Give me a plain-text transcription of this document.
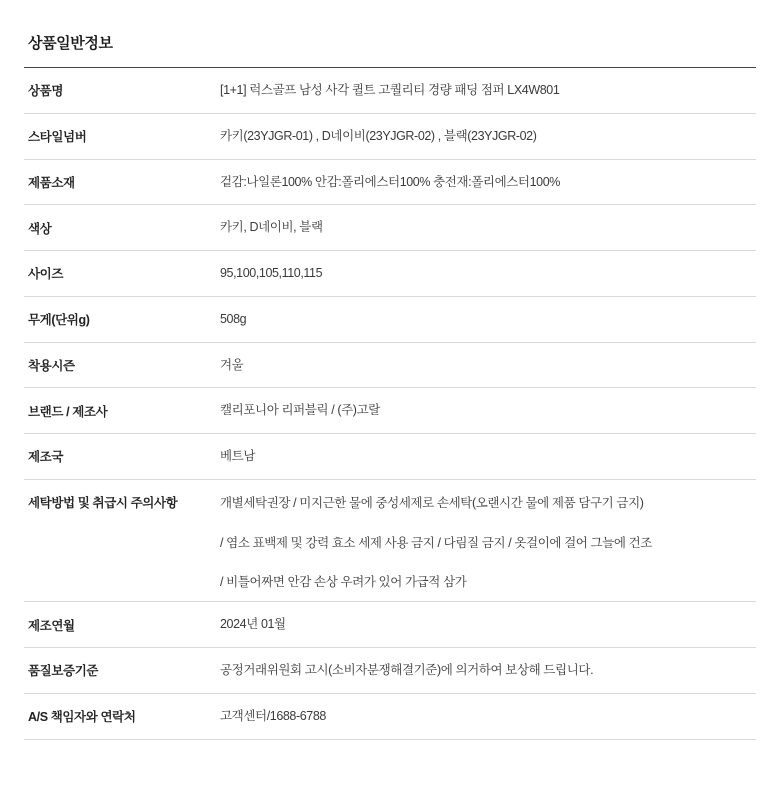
상품일반정보
상품명	[1+1] 럭스골프 남성 사각 퀼트 고퀄리티 경량 패딩 점퍼 LX4W801
스타일넘버	카키(23YJGR-01) , D네이비(23YJGR-02) , 블랙(23YJGR-02)
제품소재	겉감:나일론100% 안감:폴리에스터100% 충전재:폴리에스터100%
색상	카키, D네이비, 블랙
사이즈	95,100,105,110,115
무게(단위g)	508g
착용시즌	겨울
브랜드 / 제조사	캘리포니아 리퍼블릭 / (주)고랄
제조국	베트남
세탁방법 및 취급시 주의사항	개별세탁권장 / 미지근한 물에 중성세제로 손세탁(오랜시간 물에 제품 담구기 금지)
	/ 염소 표백제 및 강력 효소 세제 사용 금지 / 다림질 금지 / 옷걸이에 걸어 그늘에 건조
	/ 비틀어짜면 안감 손상 우려가 있어 가급적 삼가
제조연월	2024년 01월
품질보증기준	공정거래위원회 고시(소비자분쟁해결기준)에 의거하여 보상해 드립니다.
A/S 책임자와 연락처	고객센터/1688-6788
